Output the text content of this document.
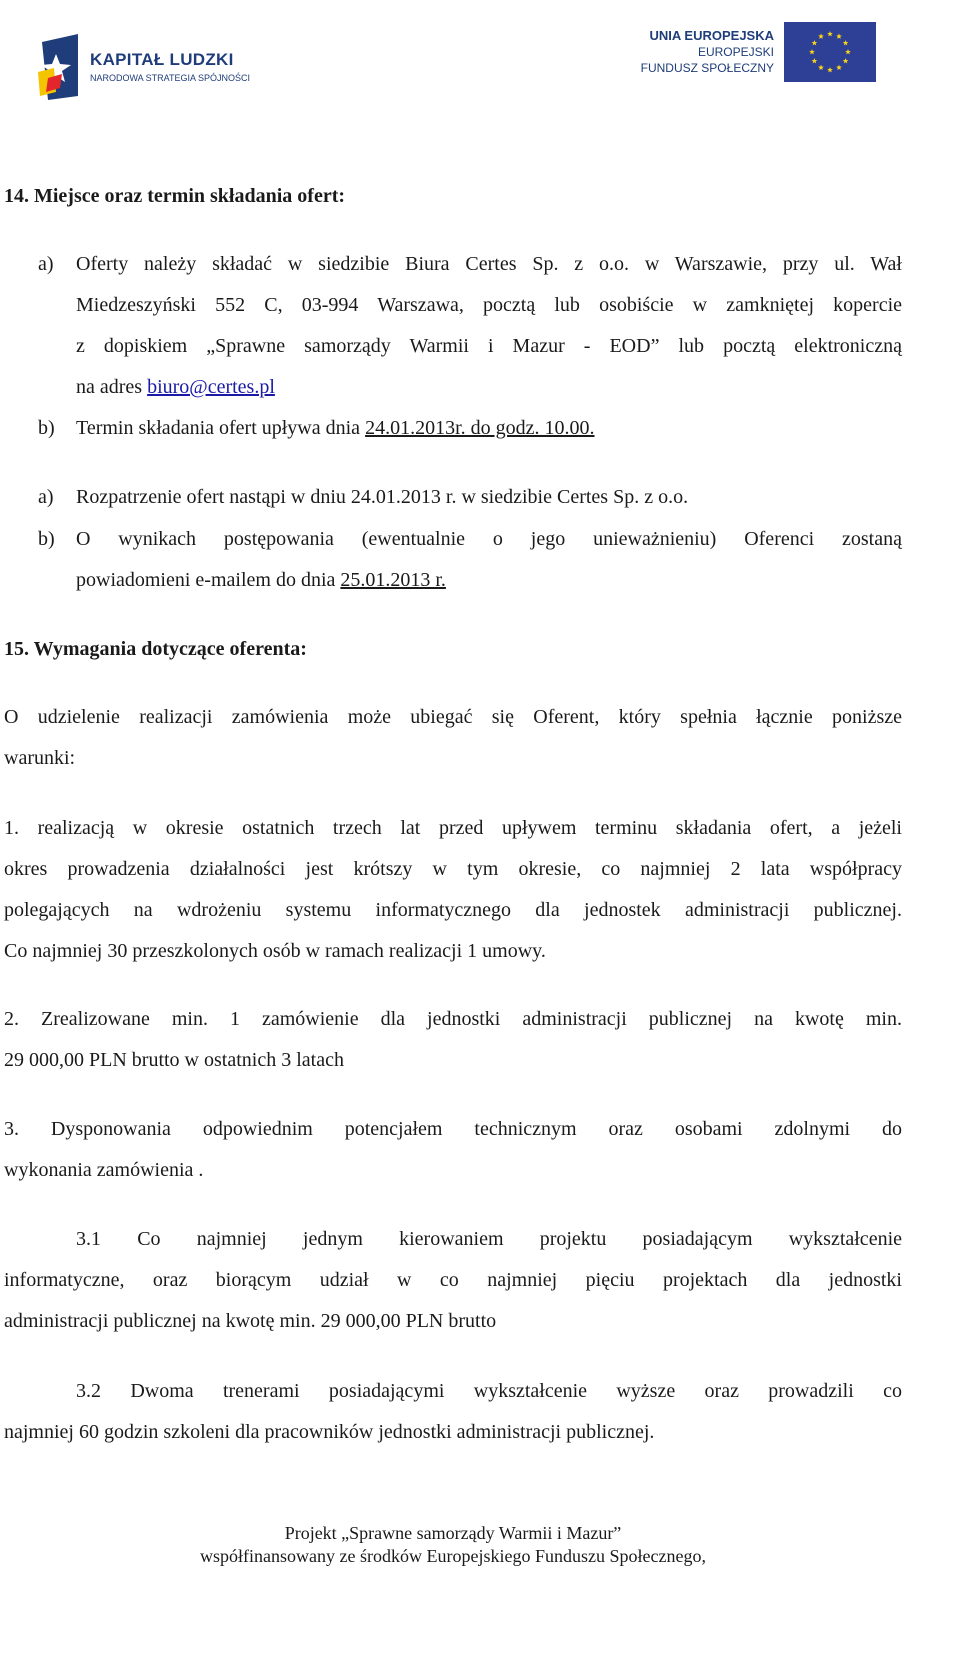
KAPITAŁ LUDZKI
NARODOWA STRATEGIA SPÓJNOŚCI
UNIA EUROPEJSKA
EUROPEJSKI
FUNDUSZ SPOŁECZNY
14. Miejsce oraz termin składania ofert:
a) Oferty należy składać w siedzibie Biura Certes Sp. z o.o. w Warszawie, przy ul. Wał
Miedzeszyński 552 C, 03-994 Warszawa, pocztą lub osobiście w zamkniętej kopercie
z dopiskiem „Sprawne samorządy Warmii i Mazur - EOD” lub pocztą elektroniczną
na adres biuro@certes.pl
b) Termin składania ofert upływa dnia 24.01.2013r. do godz. 10.00.
a) Rozpatrzenie ofert nastąpi w dniu 24.01.2013 r. w siedzibie Certes Sp. z o.o.
b) O wynikach postępowania (ewentualnie o jego unieważnieniu) Oferenci zostaną
powiadomieni e-mailem do dnia 25.01.2013 r.
15. Wymagania dotyczące oferenta:
O udzielenie realizacji zamówienia może ubiegać się Oferent, który spełnia łącznie poniższe
warunki:
1. realizacją w okresie ostatnich trzech lat przed upływem terminu składania ofert, a jeżeli
okres prowadzenia działalności jest krótszy w tym okresie, co najmniej 2 lata współpracy
polegających na wdrożeniu systemu informatycznego dla jednostek administracji publicznej.
Co najmniej 30 przeszkolonych osób w ramach realizacji 1 umowy.
2. Zrealizowane min. 1 zamówienie dla jednostki administracji publicznej na kwotę min.
29 000,00 PLN brutto w ostatnich 3 latach
3. Dysponowania odpowiednim potencjałem technicznym oraz osobami zdolnymi do
wykonania zamówienia .
3.1 Co najmniej jednym kierowaniem projektu posiadającym wykształcenie
informatyczne, oraz biorącym udział w co najmniej pięciu projektach dla jednostki
administracji publicznej na kwotę min. 29 000,00 PLN brutto
3.2 Dwoma trenerami posiadającymi wykształcenie wyższe oraz prowadzili co
najmniej 60 godzin szkoleni dla pracowników jednostki administracji publicznej.
Projekt „Sprawne samorządy Warmii i Mazur”
współfinansowany ze środków Europejskiego Funduszu Społecznego,
